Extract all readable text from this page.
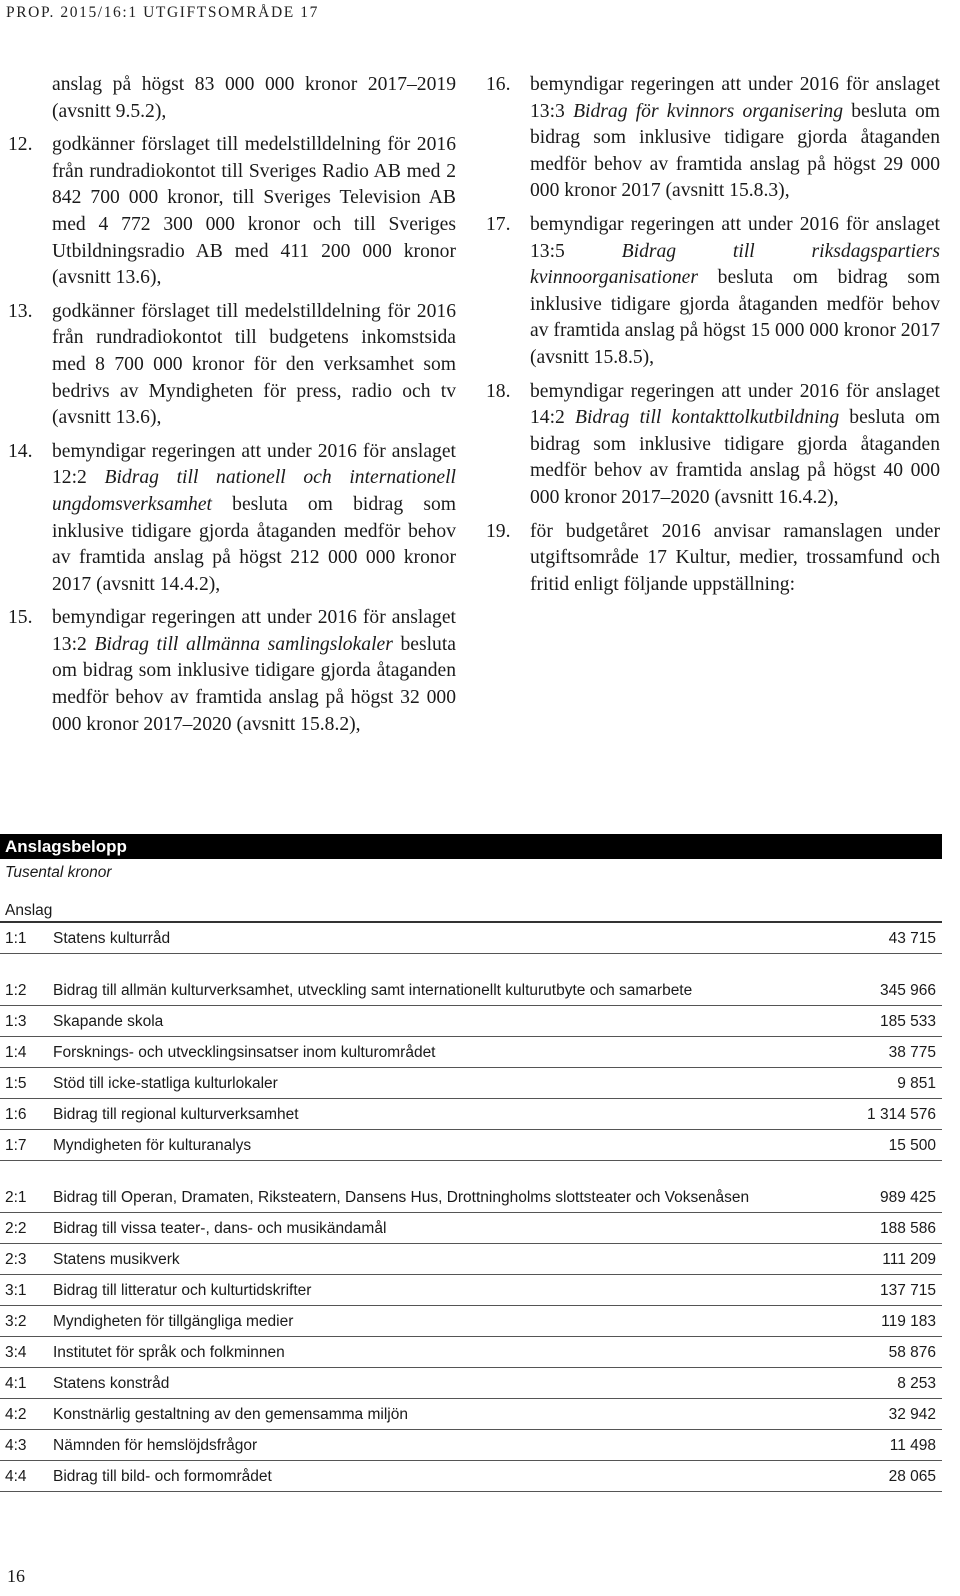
PROP. 2015/16:1 UTGIFTSOMRÅDE 17
anslag på högst 83 000 000 kronor 2017–2019 (avsnitt 9.5.2),
12. godkänner förslaget till medelstilldelning för 2016 från rundradiokontot till Sveriges Radio AB med 2 842 700 000 kronor, till Sveriges Television AB med 4 772 300 000 kronor och till Sveriges Utbildningsradio AB med 411 200 000 kronor (avsnitt 13.6),
13. godkänner förslaget till medelstilldelning för 2016 från rundradiokontot till budgetens inkomstsida med 8 700 000 kronor för den verksamhet som bedrivs av Myndigheten för press, radio och tv (avsnitt 13.6),
14. bemyndigar regeringen att under 2016 för anslaget 12:2 Bidrag till nationell och internationell ungdomsverksamhet besluta om bidrag som inklusive tidigare gjorda åtaganden medför behov av framtida anslag på högst 212 000 000 kronor 2017 (avsnitt 14.4.2),
15. bemyndigar regeringen att under 2016 för anslaget 13:2 Bidrag till allmänna samlingslokaler besluta om bidrag som inklusive tidigare gjorda åtaganden medför behov av framtida anslag på högst 32 000 000 kronor 2017–2020 (avsnitt 15.8.2),
16. bemyndigar regeringen att under 2016 för anslaget 13:3 Bidrag för kvinnors organisering besluta om bidrag som inklusive tidigare gjorda åtaganden medför behov av framtida anslag på högst 29 000 000 kronor 2017 (avsnitt 15.8.3),
17. bemyndigar regeringen att under 2016 för anslaget 13:5 Bidrag till riksdagspartiers kvinnoorganisationer besluta om bidrag som inklusive tidigare gjorda åtaganden medför behov av framtida anslag på högst 15 000 000 kronor 2017 (avsnitt 15.8.5),
18. bemyndigar regeringen att under 2016 för anslaget 14:2 Bidrag till kontakttolkutbildning besluta om bidrag som inklusive tidigare gjorda åtaganden medför behov av framtida anslag på högst 40 000 000 kronor 2017–2020 (avsnitt 16.4.2),
19. för budgetåret 2016 anvisar ramanslagen under utgiftsområde 17 Kultur, medier, trossamfund och fritid enligt följande uppställning:
Anslagsbelopp
Tusental kronor
Anslag
1:1	Statens kulturråd	43 715
1:2	Bidrag till allmän kulturverksamhet, utveckling samt internationellt kulturutbyte och samarbete	345 966
1:3	Skapande skola	185 533
1:4	Forsknings- och utvecklingsinsatser inom kulturområdet	38 775
1:5	Stöd till icke-statliga kulturlokaler	9 851
1:6	Bidrag till regional kulturverksamhet	1 314 576
1:7	Myndigheten för kulturanalys	15 500
2:1	Bidrag till Operan, Dramaten, Riksteatern, Dansens Hus, Drottningholms slottsteater och Voksenåsen	989 425
2:2	Bidrag till vissa teater-, dans- och musikändamål	188 586
2:3	Statens musikverk	111 209
3:1	Bidrag till litteratur och kulturtidskrifter	137 715
3:2	Myndigheten för tillgängliga medier	119 183
3:4	Institutet för språk och folkminnen	58 876
4:1	Statens konstråd	8 253
4:2	Konstnärlig gestaltning av den gemensamma miljön	32 942
4:3	Nämnden för hemslöjdsfrågor	11 498
4:4	Bidrag till bild- och formområdet	28 065
16
